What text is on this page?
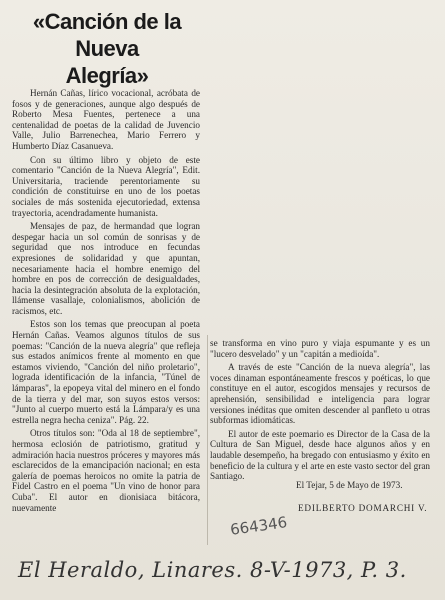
«Canción de la Nueva Alegría»

Hernán Cañas, lírico vocacional, acróbata de fosos y de generaciones, aunque algo después de Roberto Mesa Fuentes, pertenece a una centenalidad de poetas de la calidad de Juvencio Valle, Julio Barrenechea, Mario Ferrero y Humberto Díaz Casanueva.

Con su último libro y objeto de este comentario "Canción de la Nueva Alegría", Edit. Universitaria, traciende perentoriamente su condición de constituirse en uno de los poetas sociales de más sostenida ejecutoriedad, extensa trayectoria, acendradamente humanista.

Mensajes de paz, de hermandad que logran despegar hacia un sol común de sonrisas y de seguridad que nos introduce en fecundas expresiones de solidaridad y que apuntan, necesariamente hacia el hombre enemigo del hombre en pos de corrección de desigualdades, hacia la desintegración absoluta de la explotación, llámense vasallaje, colonialismos, abolición de racismos, etc.

Estos son los temas que preocupan al poeta Hernán Cañas. Veamos algunos títulos de sus poemas: "Canción de la nueva alegría" que refleja sus estados anímicos frente al momento en que estamos viviendo, "Canción del niño proletario", lograda identificación de la infancia, "Túnel de lámparas", la epopeya vital del minero en el fondo de la tierra y del mar, son suyos estos versos: "Junto al cuerpo muerto está la Lámpara/y es una estrella negra hecha ceniza". Pág. 22.

Otros títulos son: "Oda al 18 de septiembre", hermosa eclosión de patriotismo, gratitud y admiración hacia nuestros próceres y mayores más esclarecidos de la emancipación nacional; en esta galería de poemas heroicos no omite la patria de Fidel Castro en el poema "Un vino de honor para Cuba". El autor en dionisiaca bitácora, nuevamente

se transforma en vino puro y viaja espumante y es un "lucero desvelado" y un "capitán a medioída".

A través de este "Canción de la nueva alegría", las voces dinaman espontáneamente frescos y poéticas, lo que constituye en el autor, escogidos mensajes y recursos de aprehensión, sensibilidad e inteligencia para lograr versiones inéditas que omiten descender al panfleto u otras subformas idiomáticas.

El autor de este poemario es Director de la Casa de la Cultura de San Miguel, desde hace algunos años y en laudable desempeño, ha bregado con entusiasmo y éxito en beneficio de la cultura y el arte en este vasto sector del gran Santiago.

El Tejar, 5 de Mayo de 1973.
EDILBERTO DOMARCHI V.
664346
El Heraldo, Linares. 8-V-1973, P. 3.
